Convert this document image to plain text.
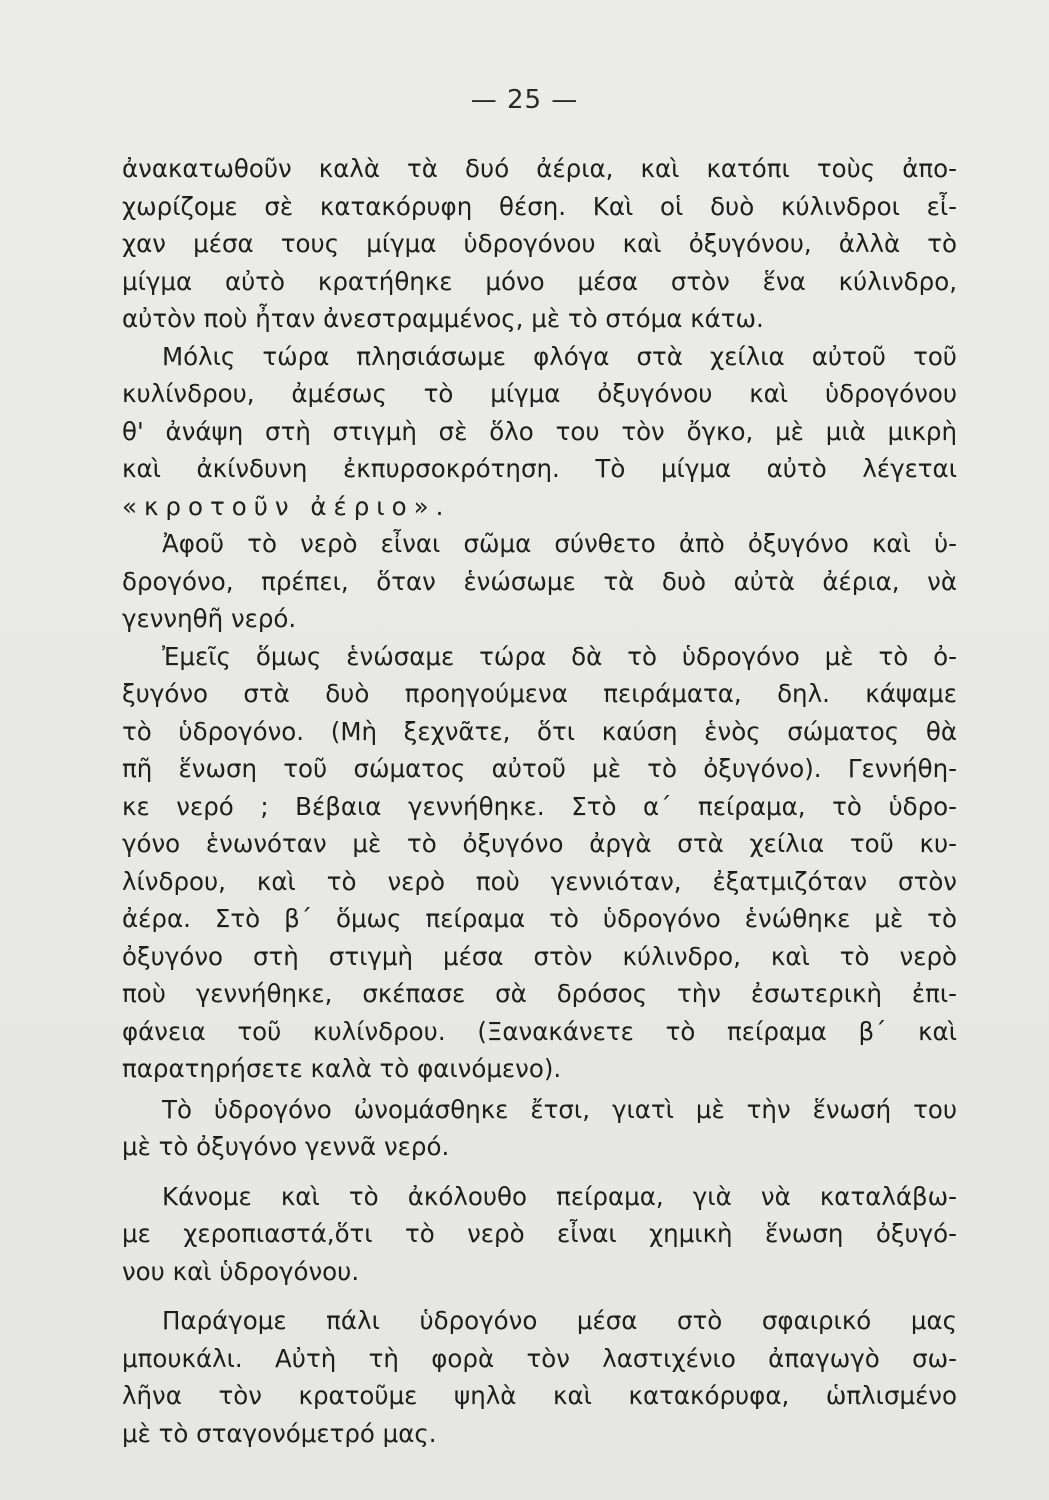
— 25 —
ἀνακατωθοῦν καλὰ τὰ δυό ἀέρια, καὶ κατόπι τοὺς ἀπο-
χωρίζομε σὲ κατακόρυφη θέση. Καὶ οἱ δυὸ κύλινδροι εἶ-
χαν μέσα τους μίγμα ὑδρογόνου καὶ ὀξυγόνου, ἀλλὰ τὸ
μίγμα αὐτὸ κρατήθηκε μόνο μέσα στὸν ἕνα κύλινδρο,
αὐτὸν ποὺ ἦταν ἀνεστραμμένος, μὲ τὸ στόμα κάτω.
Μόλις τώρα πλησιάσωμε φλόγα στὰ χείλια αὐτοῦ τοῦ
κυλίνδρου, ἀμέσως τὸ μίγμα ὀξυγόνου καὶ ὑδρογόνου
θ' ἀνάψη στὴ στιγμὴ σὲ ὅλο του τὸν ὄγκο, μὲ μιὰ μικρὴ
καὶ ἀκίνδυνη ἐκπυρσοκρότηση. Τὸ μίγμα αὐτὸ λέγεται
«κροτοῦν ἀέριο».
Ἀφοῦ τὸ νερὸ εἶναι σῶμα σύνθετο ἀπὸ ὀξυγόνο καὶ ὑ-
δρογόνο, πρέπει, ὅταν ἑνώσωμε τὰ δυὸ αὐτὰ ἀέρια, νὰ
γεννηθῆ νερό.
Ἐμεῖς ὅμως ἑνώσαμε τώρα δὰ τὸ ὑδρογόνο μὲ τὸ ὀ-
ξυγόνο στὰ δυὸ προηγούμενα πειράματα, δηλ. κάψαμε
τὸ ὑδρογόνο. (Μὴ ξεχνᾶτε, ὅτι καύση ἑνὸς σώματος θὰ
πῆ ἕνωση τοῦ σώματος αὐτοῦ μὲ τὸ ὀξυγόνο). Γεννήθη-
κε νερό ; Βέβαια γεννήθηκε. Στὸ α΄ πείραμα, τὸ ὑδρο-
γόνο ἑνωνόταν μὲ τὸ ὀξυγόνο ἀργὰ στὰ χείλια τοῦ κυ-
λίνδρου, καὶ τὸ νερὸ ποὺ γεννιόταν, ἐξατμιζόταν στὸν
ἀέρα. Στὸ β΄ ὅμως πείραμα τὸ ὑδρογόνο ἑνώθηκε μὲ τὸ
ὀξυγόνο στὴ στιγμὴ μέσα στὸν κύλινδρο, καὶ τὸ νερὸ
ποὺ γεννήθηκε, σκέπασε σὰ δρόσος τὴν ἐσωτερικὴ ἐπι-
φάνεια τοῦ κυλίνδρου. (Ξανακάνετε τὸ πείραμα β΄ καὶ
παρατηρήσετε καλὰ τὸ φαινόμενο).
Τὸ ὑδρογόνο ὠνομάσθηκε ἔτσι, γιατὶ μὲ τὴν ἕνωσή του
μὲ τὸ ὀξυγόνο γεννᾶ νερό.
Κάνομε καὶ τὸ ἀκόλουθο πείραμα, γιὰ νὰ καταλάβω-
με χεροπιαστά,ὅτι τὸ νερὸ εἶναι χημικὴ ἕνωση ὀξυγό-
νου καὶ ὑδρογόνου.
Παράγομε πάλι ὑδρογόνο μέσα στὸ σφαιρικό μας
μπουκάλι. Αὐτὴ τὴ φορὰ τὸν λαστιχένιο ἀπαγωγὸ σω-
λῆνα τὸν κρατοῦμε ψηλὰ καὶ κατακόρυφα, ὡπλισμένο
μὲ τὸ σταγονόμετρό μας.
